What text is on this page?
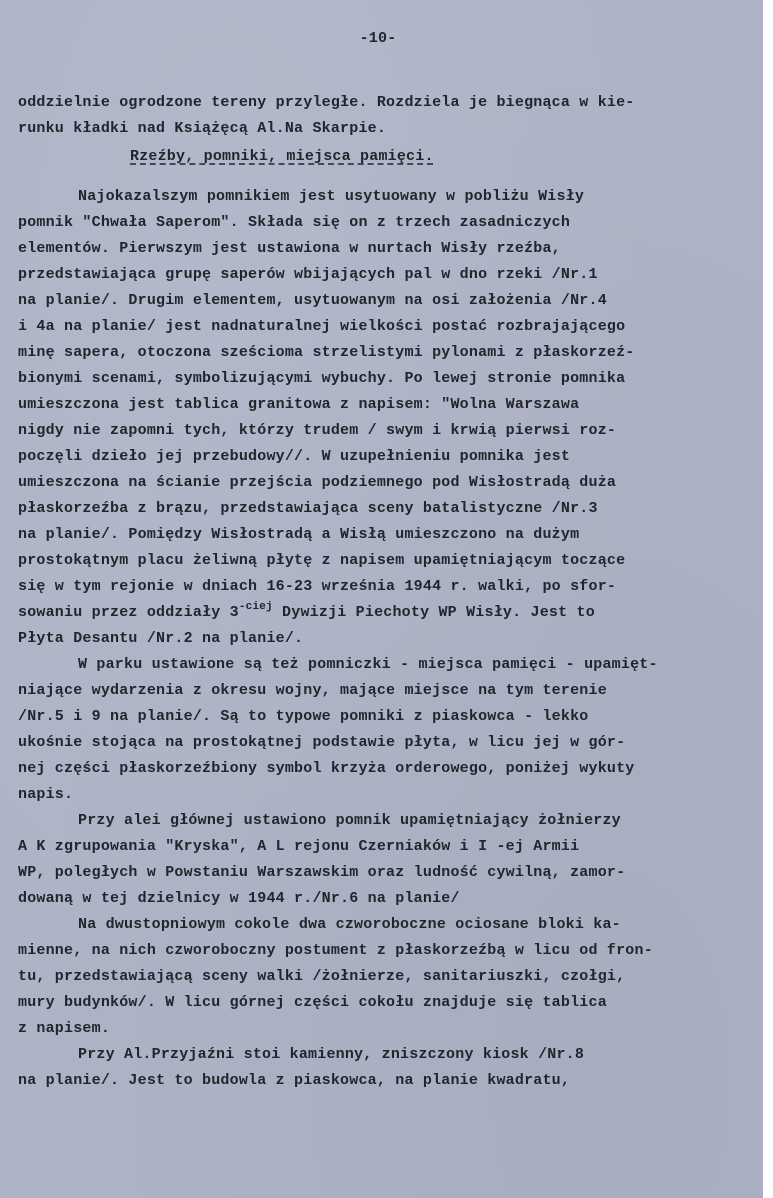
-10-
oddzielnie ogrodzone tereny przyległe. Rozdziela je biegnąca w kie-
runku kładki nad Książęcą Al.Na Skarpie.
Rzeźby, pomniki, miejsca pamięci.
Najokazalszym pomnikiem jest usytuowany w pobliżu Wisły
pomnik "Chwała Saperom". Składa się on z trzech zasadniczych
elementów. Pierwszym jest ustawiona w nurtach Wisły rzeźba,
przedstawiająca grupę saperów wbijających pal w dno rzeki /Nr.1
na planie/. Drugim elementem, usytuowanym na osi założenia /Nr.4
i 4a na planie/ jest nadnaturalnej wielkości postać rozbrajającego
minę sapera, otoczona sześcioma strzelistymi pylonami z płaskorzeź-
bionymi scenami, symbolizującymi wybuchy. Po lewej stronie pomnika
umieszczona jest tablica granitowa z napisem: "Wolna Warszawa
nigdy nie zapomni tych, którzy trudem / swym i krwią pierwsi roz-
poczęli dzieło jej przebudowy//. W uzupełnieniu pomnika jest
umieszczona na ścianie przejścia podziemnego pod Wisłostradą duża
płaskorzeźba z brązu, przedstawiająca sceny batalistyczne /Nr.3
na planie/. Pomiędzy Wisłostradą a Wisłą umieszczono na dużym
prostokątnym placu żeliwną płytę z napisem upamiętniającym toczące
się w tym rejonie w dniach 16-23 września 1944 r. walki, po sfor-
sowaniu przez oddziały $3^{-ciej}$ Dywizji Piechoty WP Wisły. Jest to
Płyta Desantu /Nr.2 na planie/.
W parku ustawione są też pomniczki - miejsca pamięci - upamięt-
niające wydarzenia z okresu wojny, mające miejsce na tym terenie
/Nr.5 i 9 na planie/. Są to typowe pomniki z piaskowca - lekko
ukośnie stojąca na prostokątnej podstawie płyta, w licu jej w gór-
nej części płaskorzeźbiony symbol krzyża orderowego, poniżej wykuty
napis.
Przy alei głównej ustawiono pomnik upamiętniający żołnierzy
A K zgrupowania "Kryska", A L rejonu Czerniaków i I -ej Armii
WP, poległych w Powstaniu Warszawskim oraz ludność cywilną, zamor-
dowaną w tej dzielnicy w 1944 r./Nr.6 na planie/
Na dwustopniowym cokole dwa czworoboczne ociosane bloki ka-
mienne, na nich czworoboczny postument z płaskorzeźbą w licu od fron-
tu, przedstawiającą sceny walki /żołnierze, sanitariuszki, czołgi,
mury budynków/. W licu górnej części cokołu znajduje się tablica
z napisem.
Przy Al.Przyjaźni stoi kamienny, zniszczony kiosk /Nr.8
na planie/. Jest to budowla z piaskowca, na planie kwadratu,
